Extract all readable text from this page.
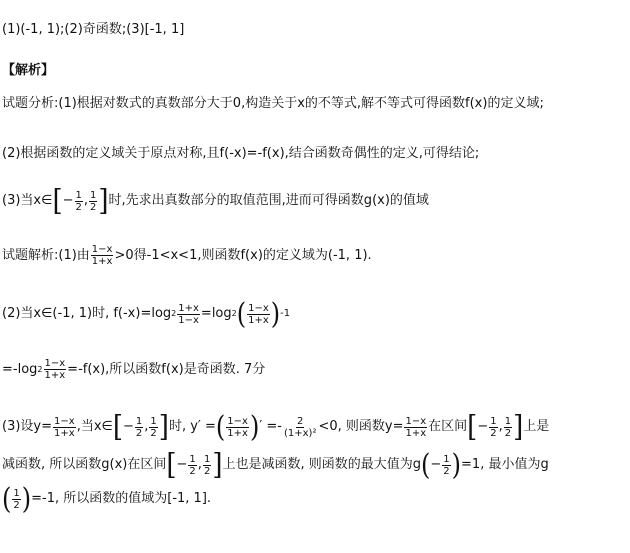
(1)(-1, 1);(2)奇函数;(3)[-1, 1]
【解析】
试题分析:(1)根据对数式的真数部分大于0,构造关于x的不等式,解不等式可得函数f(x)的定义域;
(2)根据函数的定义域关于原点对称,且f(-x)=-f(x),结合函数奇偶性的定义,可得结论;
(3)当x∈ [ − $\frac{1}{2}$ , $\frac{1}{2}$ ] 时,先求出真数部分的取值范围,进而可得函数g(x)的值域
试题解析:(1)由 $\frac{1-x}{1+x} >0$得-1<x<1,则函数f(x)的定义域为(-1, 1).
(2)当x∈(-1, 1)时, f(-x)=log $2 \frac{1+x}{1-x} =\log$ 2 ( $\frac{1-x}{1+x}$ ) -1
=-log $2 \frac{1-x}{1+x} =-f(x)$,所以函数f(x)是奇函数. 7分
(3)设$y= \frac{1-x}{1+x}$ ,当x∈ [ − $\frac{1}{2}$ , $\frac{1}{2}$ ] 时, y′ = ( $\frac{1-x}{1+x}$ ) ′ =- $\frac{2}{\text{(1+x)²}} <0$, 则函数$y= \frac{1-x}{1+x}$ 在区间 [ − $\frac{1}{2}$ , $\frac{1}{2}$ ] 上是
减函数, 所以函数g(x)在区间 [ − $\frac{1}{2}$ , $\frac{1}{2}$ ] 上也是减函数, 则函数的最大值为g ( − $\frac{1}{2}$ ) =1, 最小值为g
( $\frac{1}{2}$ ) =-1, 所以函数的值域为[-1, 1].
